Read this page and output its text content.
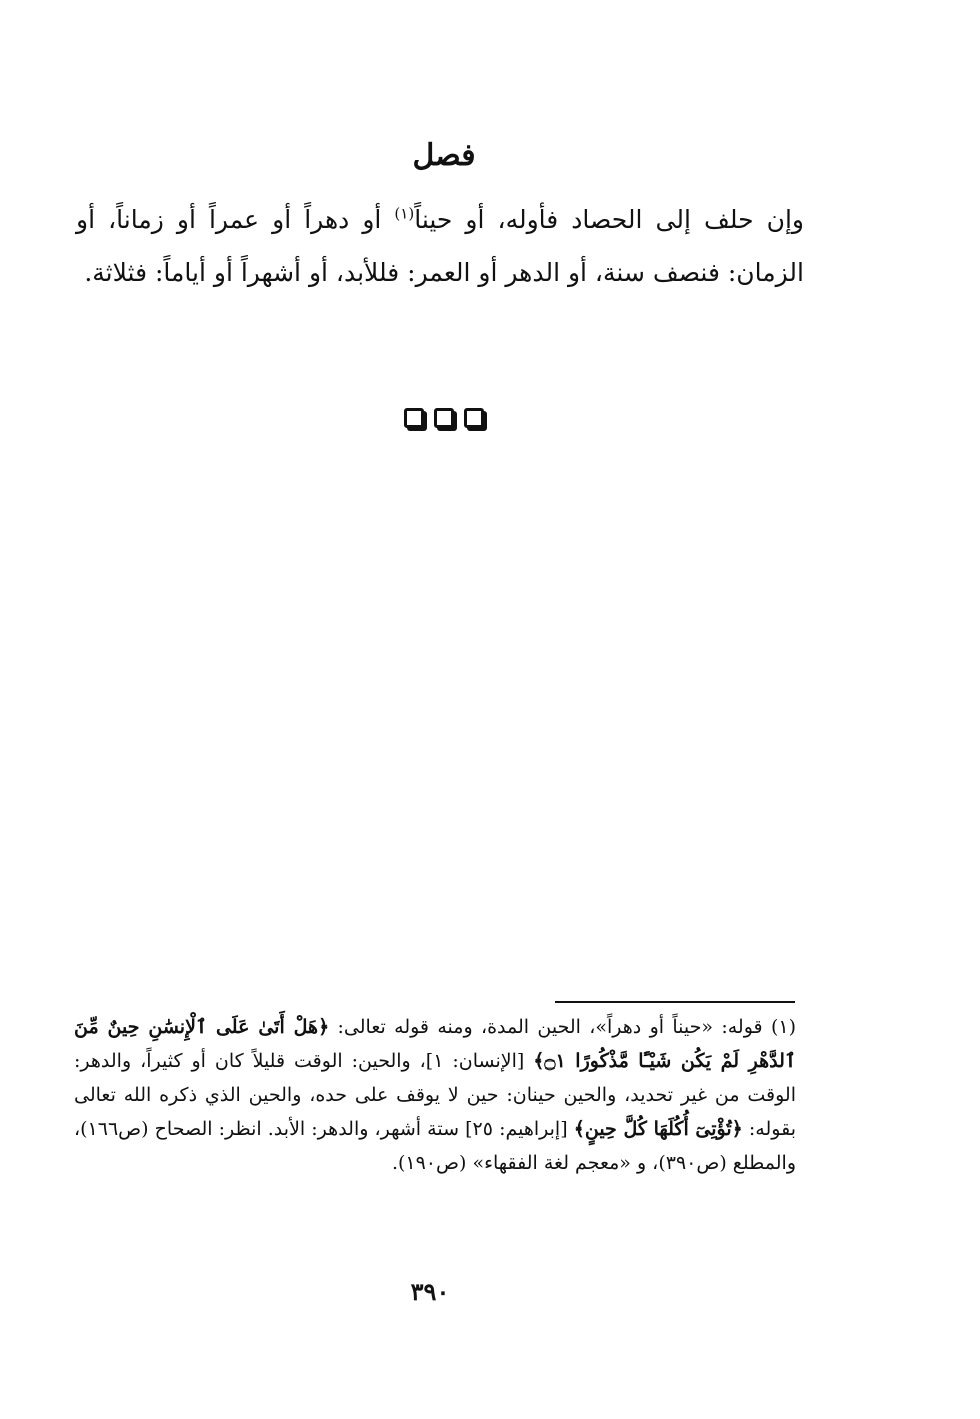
فصل

وإن حلف إلى الحصاد فأوله، أو حيناً$^{(١)}$ أو دهراً أو عمراً أو زماناً، أو الزمان: فنصف سنة، أو الدهر أو العمر: فللأبد، أو أشهراً أو أياماً: فثلاثة.

(١) قوله: «حيناً أو دهراً»، الحين المدة، ومنه قوله تعالى: ﴿هَلْ أَتَىٰ عَلَى ٱلْإِنسَٰنِ حِينٌ مِّنَ ٱلدَّهْرِ لَمْ يَكُن شَيْـًٔا مَّذْكُورًا ۝١﴾ [الإنسان: ١]، والحين: الوقت قليلاً كان أو كثيراً، والدهر: الوقت من غير تحديد، والحين حينان: حين لا يوقف على حده، والحين الذي ذكره الله تعالى بقوله: ﴿تُؤْتِىٓ أُكُلَهَا كُلَّ حِينٍ﴾ [إبراهيم: ٢٥] ستة أشهر، والدهر: الأبد. انظر: الصحاح (ص١٦٦)، والمطلع (ص٣٩٠)، و «معجم لغة الفقهاء» (ص١٩٠).

٣٩٠
